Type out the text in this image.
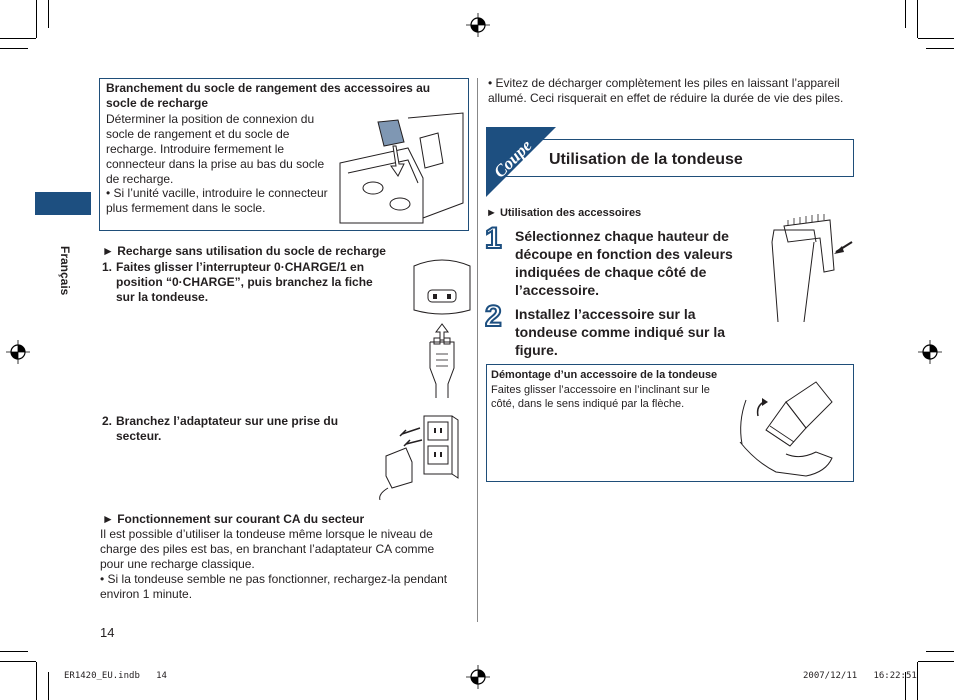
Français
Branchement du socle de rangement des accessoires au socle de recharge
Déterminer la position de connexion du socle de rangement et du socle de recharge. Introduire fermement le connecteur dans la prise au bas du socle de recharge.
• Si l’unité vacille, introduire le connecteur plus fermement dans le socle.
► Recharge sans utilisation du socle de recharge
1. Faites glisser l’interrupteur 0·CHARGE/1 en position “0·CHARGE”, puis branchez la fiche sur la tondeuse.
2. Branchez l’adaptateur sur une prise du secteur.
► Fonctionnement sur courant CA du secteur
Il est possible d’utiliser la tondeuse même lorsque le niveau de charge des piles est bas, en branchant l’adaptateur CA comme pour une recharge classique.
• Si la tondeuse semble ne pas fonctionner, rechargez-la pendant environ 1 minute.
14
• Evitez de décharger complètement les piles en laissant l’appareil allumé. Ceci risquerait en effet de réduire la durée de vie des piles.
Coupe Utilisation de la tondeuse
► Utilisation des accessoires
1 Sélectionnez chaque hauteur de découpe en fonction des valeurs indiquées de chaque côté de l’accessoire.
2 Installez l’accessoire sur la tondeuse comme indiqué sur la figure.
Démontage d’un accessoire de la tondeuse
Faites glisser l’accessoire en l’inclinant sur le côté, dans le sens indiqué par la flèche.
ER1420_EU.indb   14	2007/12/11   16:22:51
